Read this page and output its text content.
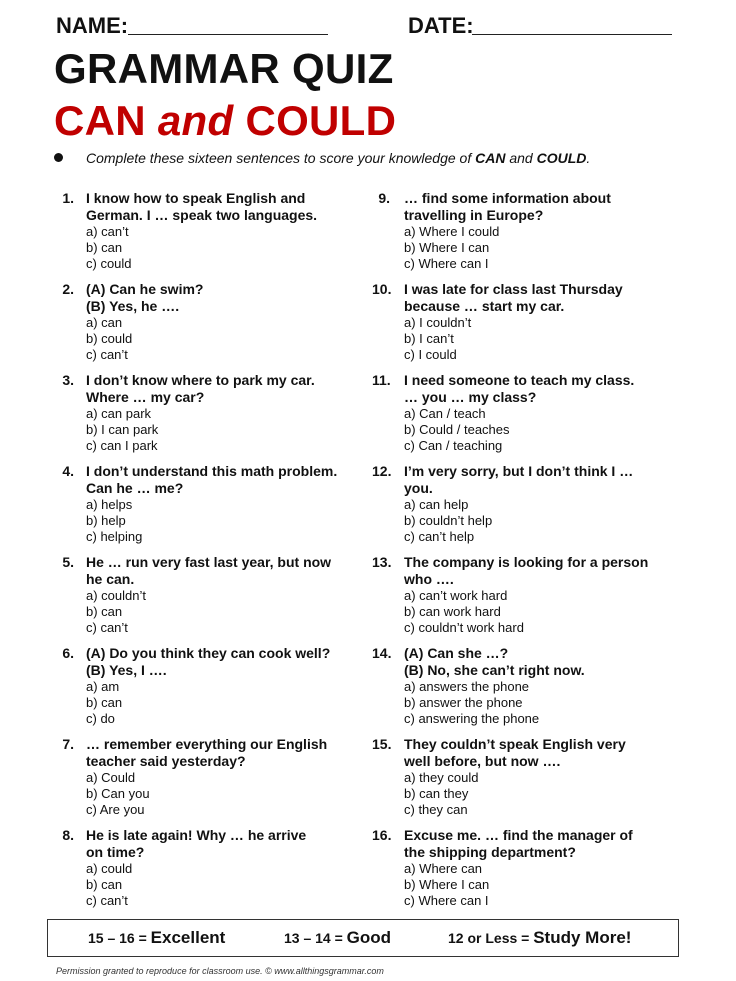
NAME:	DATE:
GRAMMAR QUIZ
CAN and COULD
Complete these sixteen sentences to score your knowledge of CAN and COULD.
1. I know how to speak English and
German. I … speak two languages.
a) can’t
b) can
c) could
2. (A) Can he swim?
(B) Yes, he ….
a) can
b) could
c) can’t
3. I don’t know where to park my car.
Where … my car?
a) can park
b) I can park
c) can I park
4. I don’t understand this math problem.
Can he … me?
a) helps
b) help
c) helping
5. He … run very fast last year, but now
he can.
a) couldn’t
b) can
c) can’t
6. (A) Do you think they can cook well?
(B) Yes, I ….
a) am
b) can
c) do
7. … remember everything our English
teacher said yesterday?
a) Could
b) Can you
c) Are you
8. He is late again! Why … he arrive
on time?
a) could
b) can
c) can’t
9. … find some information about
travelling in Europe?
a) Where I could
b) Where I can
c) Where can I
10. I was late for class last Thursday
because … start my car.
a) I couldn’t
b) I can’t
c) I could
11. I need someone to teach my class.
… you … my class?
a) Can / teach
b) Could / teaches
c) Can / teaching
12. I’m very sorry, but I don’t think I …
you.
a) can help
b) couldn’t help
c) can’t help
13. The company is looking for a person
who ….
a) can’t work hard
b) can work hard
c) couldn’t work hard
14. (A) Can she …?
(B) No, she can’t right now.
a) answers the phone
b) answer the phone
c) answering the phone
15. They couldn’t speak English very
well before, but now ….
a) they could
b) can they
c) they can
16. Excuse me. … find the manager of
the shipping department?
a) Where can
b) Where I can
c) Where can I
15 – 16 = Excellent	13 – 14 = Good	12 or Less = Study More!
Permission granted to reproduce for classroom use. © www.allthingsgrammar.com
